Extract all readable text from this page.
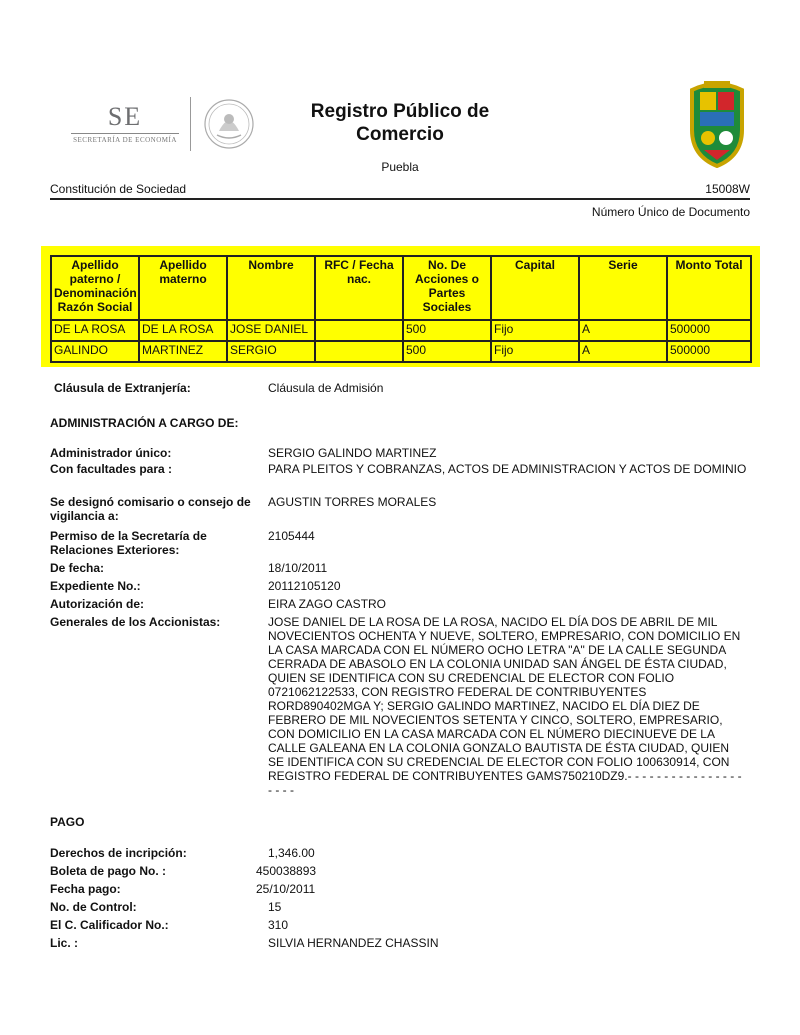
SE
SECRETARÍA DE ECONOMÍA
Registro Público de
Comercio
Puebla
Constitución de Sociedad	15008W
Número Único de Documento
Apellido paterno / Denominación Razón Social	Apellido materno	Nombre	RFC / Fecha nac.	No. De Acciones o Partes Sociales	Capital	Serie	Monto Total
DE LA ROSA	DE LA ROSA	JOSE DANIEL		500	Fijo	A	500000
GALINDO	MARTINEZ	SERGIO		500	Fijo	A	500000
Cláusula de Extranjería:	Cláusula de Admisión
ADMINISTRACIÓN A CARGO DE:
Administrador único:	SERGIO GALINDO MARTINEZ
Con facultades para :	PARA PLEITOS Y COBRANZAS, ACTOS DE ADMINISTRACION Y ACTOS DE DOMINIO
Se designó comisario o consejo de vigilancia a:
AGUSTIN TORRES MORALES
Permiso de la Secretaría de Relaciones Exteriores:
2105444
De fecha:	18/10/2011
Expediente No.:	20112105120
Autorización de:	EIRA ZAGO CASTRO
Generales de los Accionistas:	JOSE DANIEL DE LA ROSA DE LA ROSA, NACIDO EL DÍA DOS DE ABRIL DE MIL NOVECIENTOS OCHENTA Y NUEVE, SOLTERO, EMPRESARIO, CON DOMICILIO EN LA CASA MARCADA CON EL NÚMERO OCHO LETRA "A" DE LA CALLE SEGUNDA CERRADA DE ABASOLO EN LA COLONIA UNIDAD SAN ÁNGEL DE ÉSTA CIUDAD, QUIEN SE IDENTIFICA CON SU CREDENCIAL DE ELECTOR CON FOLIO 0721062122533, CON REGISTRO FEDERAL DE CONTRIBUYENTES RORD890402MGA Y; SERGIO GALINDO MARTINEZ, NACIDO EL DÍA DIEZ DE FEBRERO DE MIL NOVECIENTOS SETENTA Y CINCO, SOLTERO, EMPRESARIO, CON DOMICILIO EN LA CASA MARCADA CON EL NÚMERO DIECINUEVE DE LA CALLE GALEANA EN LA COLONIA GONZALO BAUTISTA DE ÉSTA CIUDAD, QUIEN SE IDENTIFICA CON SU CREDENCIAL DE ELECTOR CON FOLIO 100630914, CON REGISTRO FEDERAL DE CONTRIBUYENTES GAMS750210DZ9.- - - - - - - - - - - - - - - - - - - -
PAGO
Derechos de incripción:	1,346.00
Boleta de pago No. :	450038893
Fecha pago:	25/10/2011
No. de Control:	15
El C. Calificador No.:	310
Lic. :	SILVIA HERNANDEZ CHASSIN
